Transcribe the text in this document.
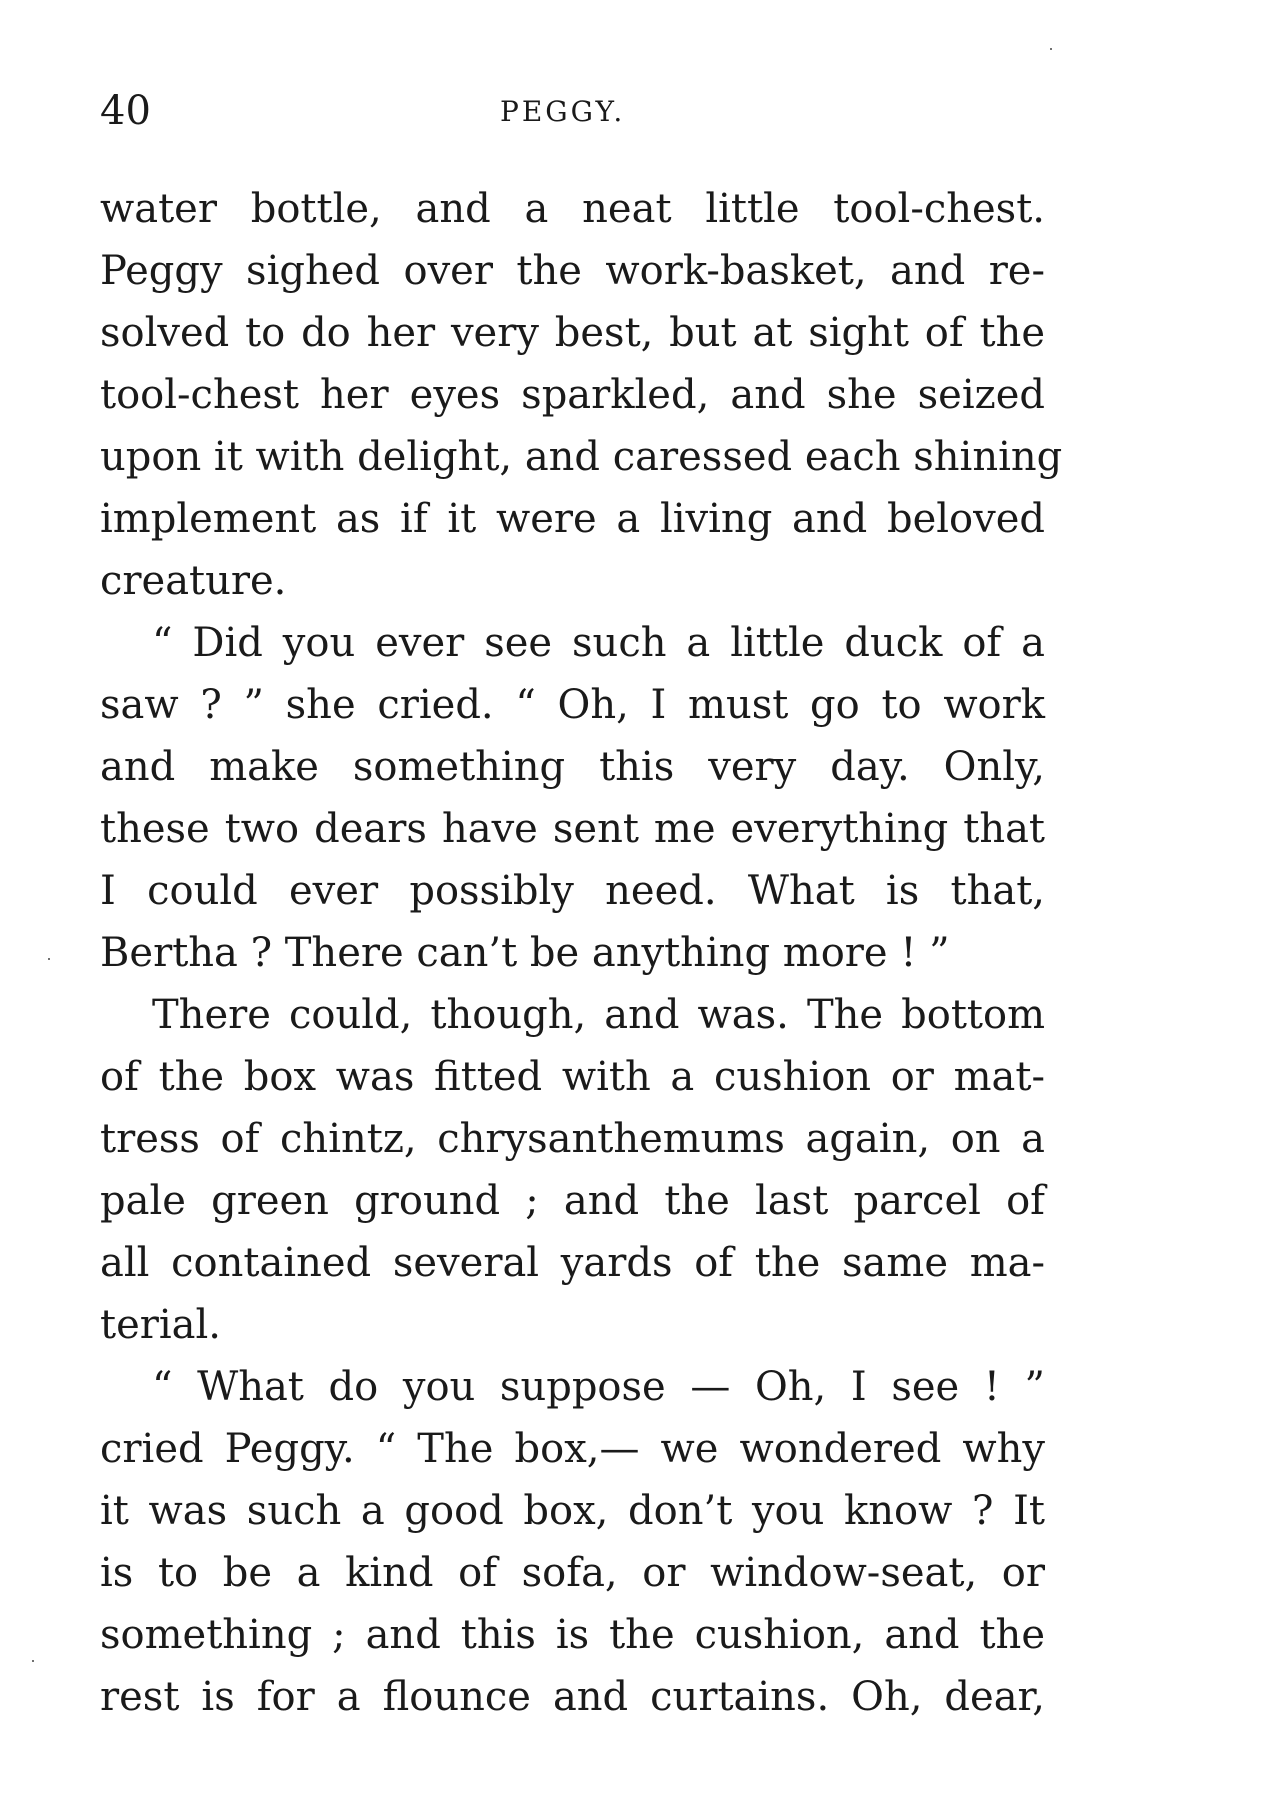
40	PEGGY.
water bottle, and a neat little tool-chest.
Peggy sighed over the work-basket, and re-
solved to do her very best, but at sight of the
tool-chest her eyes sparkled, and she seized
upon it with delight, and caressed each shining
implement as if it were a living and beloved
creature.
“ Did you ever see such a little duck of a
saw ? ” she cried. “ Oh, I must go to work
and make something this very day. Only,
these two dears have sent me everything that
I could ever possibly need. What is that,
Bertha ? There can’t be anything more ! ”
There could, though, and was. The bottom
of the box was fitted with a cushion or mat-
tress of chintz, chrysanthemums again, on a
pale green ground ; and the last parcel of
all contained several yards of the same ma-
terial.
“ What do you suppose — Oh, I see ! ”
cried Peggy. “ The box,— we wondered why
it was such a good box, don’t you know ? It
is to be a kind of sofa, or window-seat, or
something ; and this is the cushion, and the
rest is for a flounce and curtains. Oh, dear,
